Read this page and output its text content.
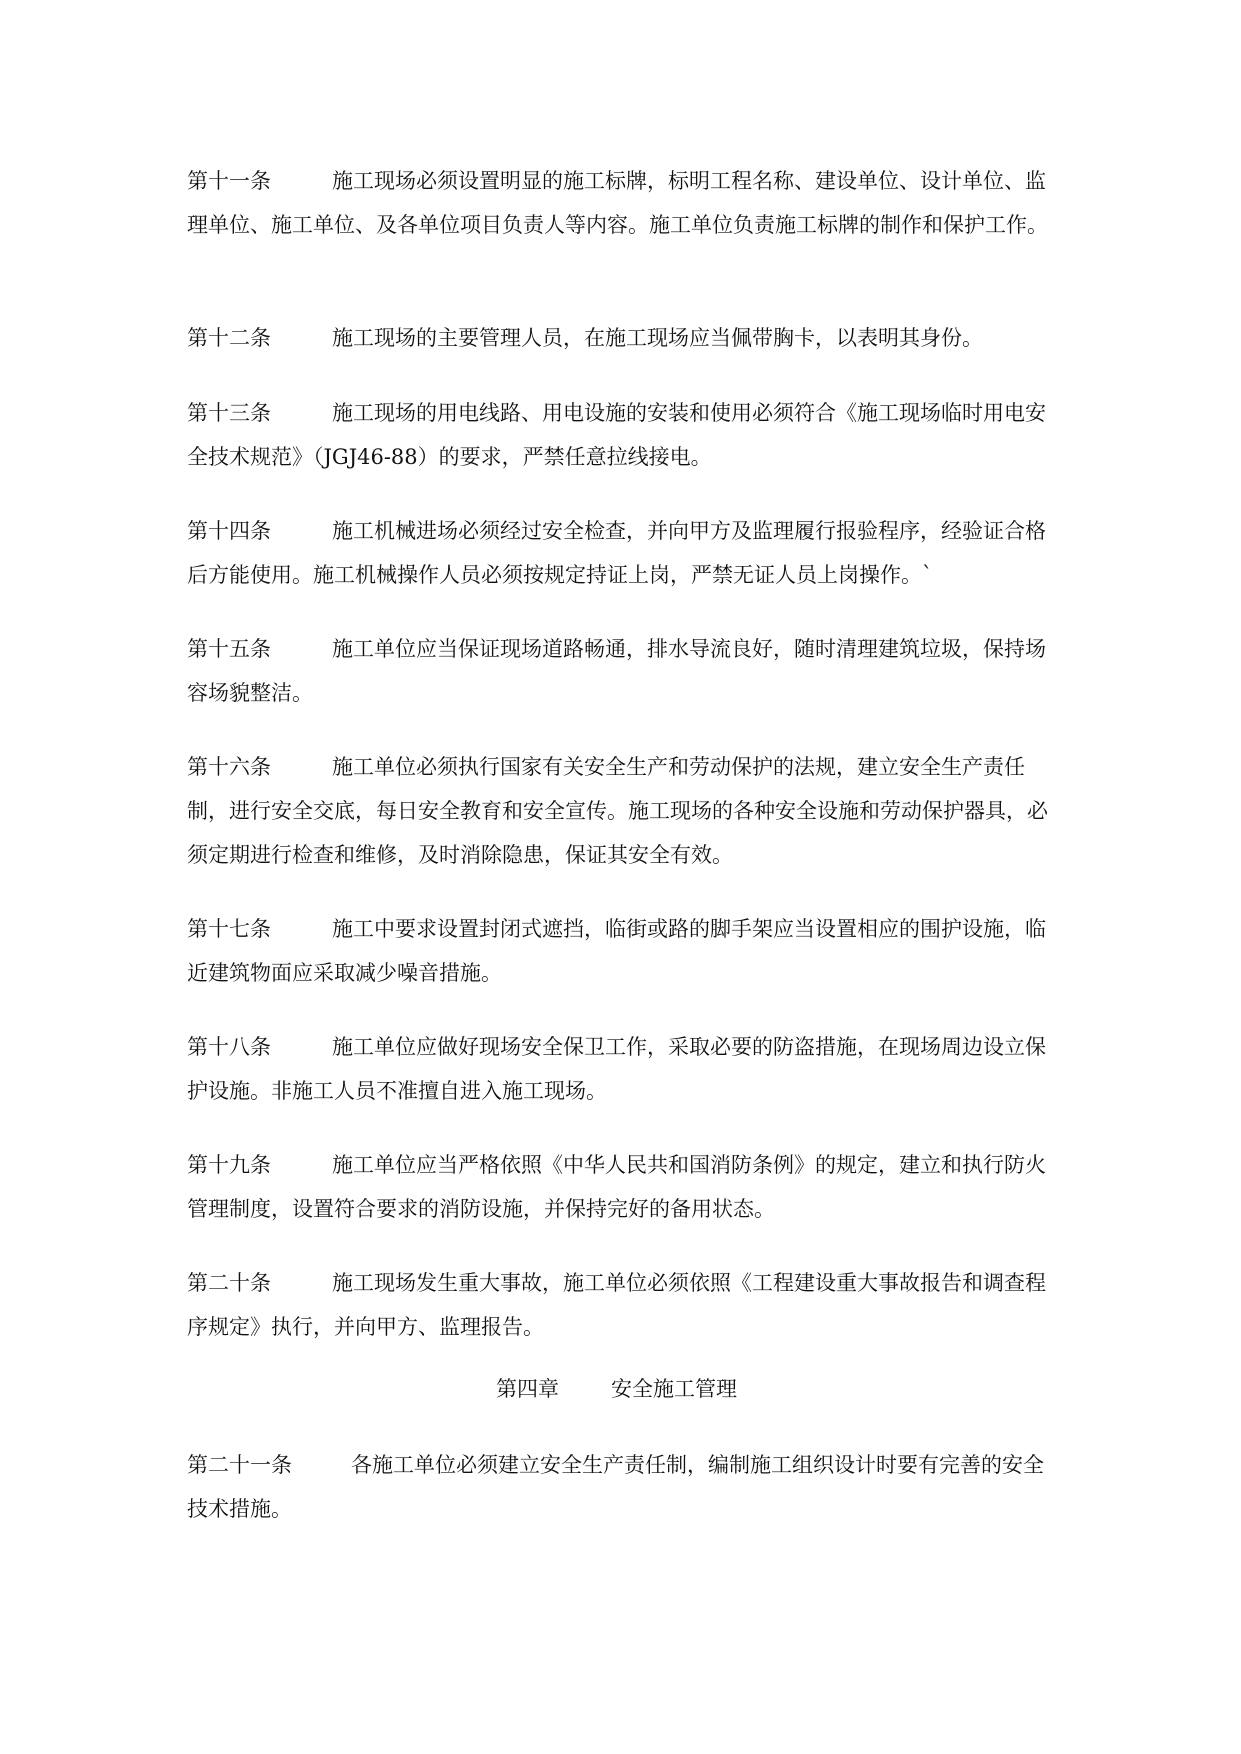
第十一条	施工现场必须设置明显的施工标牌，标明工程名称、建设单位、设计单位、监理单位、施工单位、及各单位项目负责人等内容。施工单位负责施工标牌的制作和保护工作。

第十二条	施工现场的主要管理人员，在施工现场应当佩带胸卡，以表明其身份。

第十三条	施工现场的用电线路、用电设施的安装和使用必须符合《施工现场临时用电安全技术规范》（JGJ46-88）的要求，严禁任意拉线接电。

第十四条	施工机械进场必须经过安全检查，并向甲方及监理履行报验程序，经验证合格后方能使用。施工机械操作人员必须按规定持证上岗，严禁无证人员上岗操作。`

第十五条	施工单位应当保证现场道路畅通，排水导流良好，随时清理建筑垃圾，保持场容场貌整洁。

第十六条	施工单位必须执行国家有关安全生产和劳动保护的法规，建立安全生产责任制，进行安全交底，每日安全教育和安全宣传。施工现场的各种安全设施和劳动保护器具，必须定期进行检查和维修，及时消除隐患，保证其安全有效。

第十七条	施工中要求设置封闭式遮挡，临街或路的脚手架应当设置相应的围护设施，临近建筑物面应采取减少噪音措施。

第十八条	施工单位应做好现场安全保卫工作，采取必要的防盗措施，在现场周边设立保护设施。非施工人员不准擅自进入施工现场。

第十九条	施工单位应当严格依照《中华人民共和国消防条例》的规定，建立和执行防火管理制度，设置符合要求的消防设施，并保持完好的备用状态。

第二十条	施工现场发生重大事故，施工单位必须依照《工程建设重大事故报告和调查程序规定》执行，并向甲方、监理报告。

第四章 安全施工管理

第二十一条	各施工单位必须建立安全生产责任制，编制施工组织设计时要有完善的安全技术措施。
